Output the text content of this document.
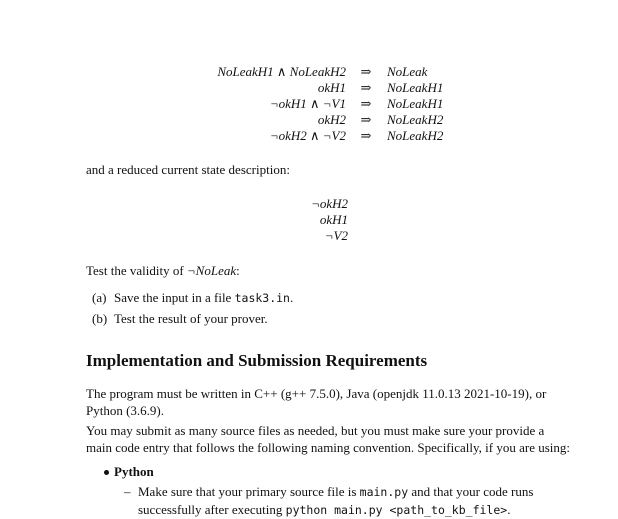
NoLeakH1 ∧ NoLeakH2	⇒	NoLeak
okH1	⇒	NoLeakH1
¬okH1 ∧ ¬V1	⇒	NoLeakH1
okH2	⇒	NoLeakH2
¬okH2 ∧ ¬V2	⇒	NoLeakH2
and a reduced current state description:
¬okH2
okH1
¬V2
Test the validity of ¬NoLeak:
(a) Save the input in a file task3.in.
(b) Test the result of your prover.
Implementation and Submission Requirements
The program must be written in C++ (g++ 7.5.0), Java (openjdk 11.0.13 2021-10-19), or Python (3.6.9).
You may submit as many source files as needed, but you must make sure your provide a main code entry that follows the following naming convention. Specifically, if you are using:
Python
– Make sure that your primary source file is main.py and that your code runs successfully after executing python main.py <path_to_kb_file>.
